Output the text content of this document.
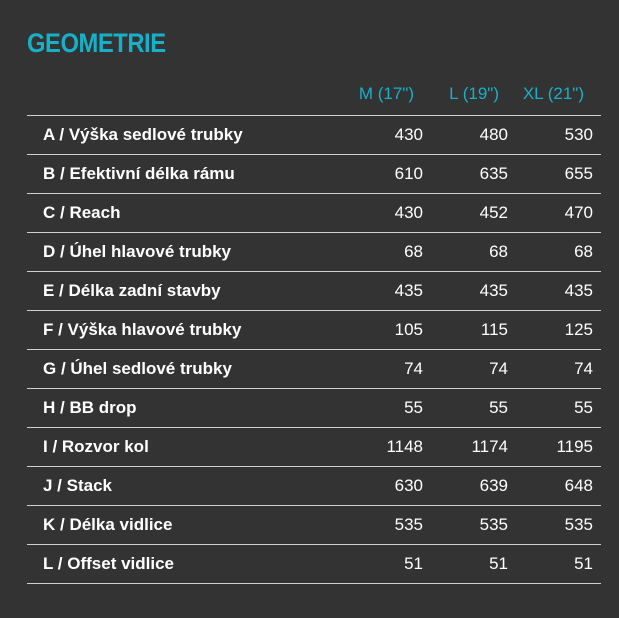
GEOMETRIE
M (17") L (19") XL (21")
A / Výška sedlové trubky	430	480	530
B / Efektivní délka rámu	610	635	655
C / Reach	430	452	470
D / Úhel hlavové trubky	68	68	68
E / Délka zadní stavby	435	435	435
F / Výška hlavové trubky	105	115	125
G / Úhel sedlové trubky	74	74	74
H / BB drop	55	55	55
I / Rozvor kol	1148	1174	1195
J / Stack	630	639	648
K / Délka vidlice	535	535	535
L / Offset vidlice	51	51	51
